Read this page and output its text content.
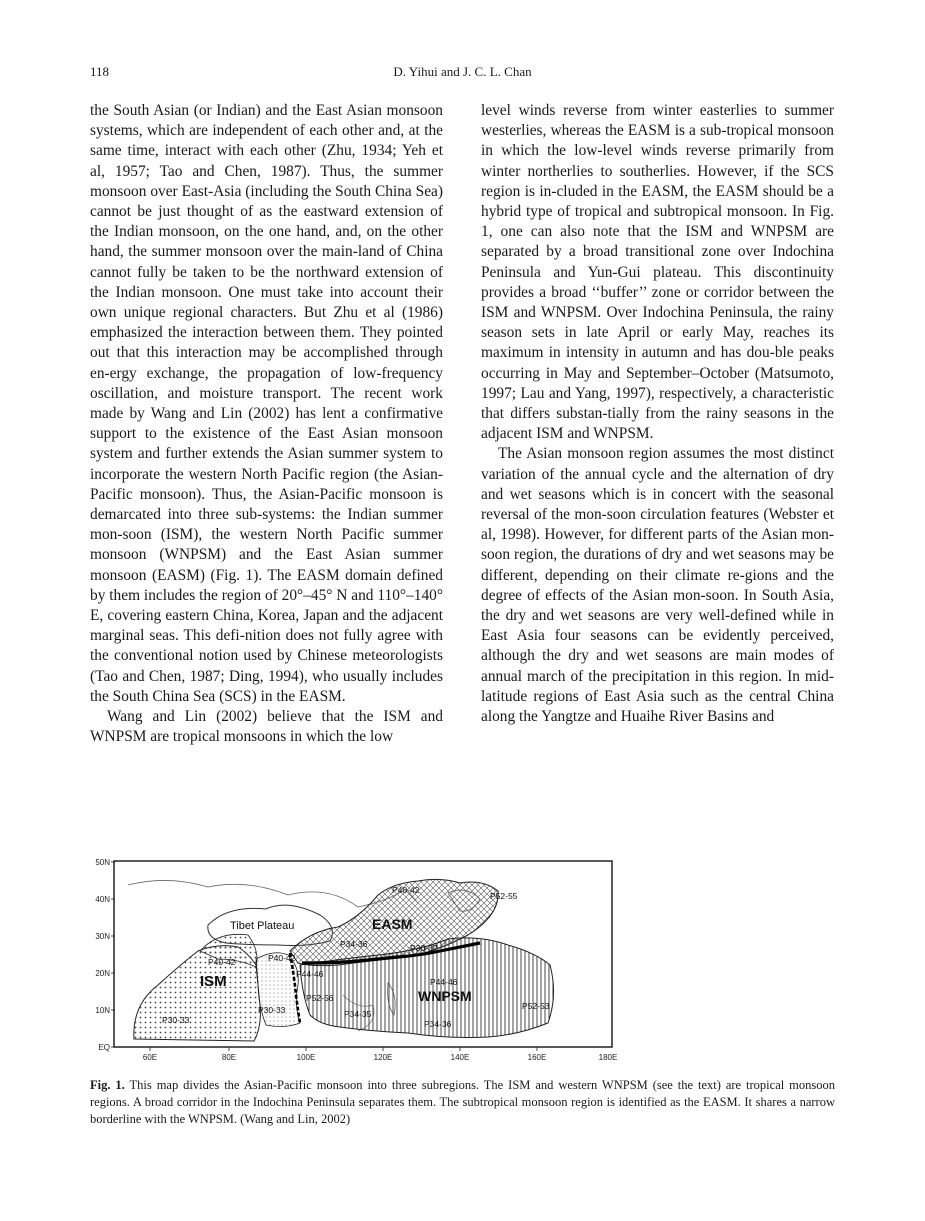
118	D. Yihui and J. C. L. Chan

the South Asian (or Indian) and the East Asian monsoon systems, which are independent of each other and, at the same time, interact with each other (Zhu, 1934; Yeh et al, 1957; Tao and Chen, 1987). Thus, the summer monsoon over East-Asia (including the South China Sea) cannot be just thought of as the eastward extension of the Indian monsoon, on the one hand, and, on the other hand, the summer monsoon over the main-land of China cannot fully be taken to be the northward extension of the Indian monsoon. One must take into account their own unique regional characters. But Zhu et al (1986) emphasized the interaction between them. They pointed out that this interaction may be accomplished through en-ergy exchange, the propagation of low-frequency oscillation, and moisture transport. The recent work made by Wang and Lin (2002) has lent a confirmative support to the existence of the East Asian monsoon system and further extends the Asian summer system to incorporate the western North Pacific region (the Asian-Pacific monsoon). Thus, the Asian-Pacific monsoon is demarcated into three sub-systems: the Indian summer mon-soon (ISM), the western North Pacific summer monsoon (WNPSM) and the East Asian summer monsoon (EASM) (Fig. 1). The EASM domain defined by them includes the region of 20°–45° N and 110°–140° E, covering eastern China, Korea, Japan and the adjacent marginal seas. This defi-nition does not fully agree with the conventional notion used by Chinese meteorologists (Tao and Chen, 1987; Ding, 1994), who usually includes the South China Sea (SCS) in the EASM.

Wang and Lin (2002) believe that the ISM and WNPSM are tropical monsoons in which the low

level winds reverse from winter easterlies to summer westerlies, whereas the EASM is a sub-tropical monsoon in which the low-level winds reverse primarily from winter northerlies to southerlies. However, if the SCS region is in-cluded in the EASM, the EASM should be a hybrid type of tropical and subtropical monsoon. In Fig. 1, one can also note that the ISM and WNPSM are separated by a broad transitional zone over Indochina Peninsula and Yun-Gui plateau. This discontinuity provides a broad ‘‘buffer’’ zone or corridor between the ISM and WNPSM. Over Indochina Peninsula, the rainy season sets in late April or early May, reaches its maximum in intensity in autumn and has dou-ble peaks occurring in May and September–October (Matsumoto, 1997; Lau and Yang, 1997), respectively, a characteristic that differs substan-tially from the rainy seasons in the adjacent ISM and WNPSM.

The Asian monsoon region assumes the most distinct variation of the annual cycle and the alternation of dry and wet seasons which is in concert with the seasonal reversal of the mon-soon circulation features (Webster et al, 1998). However, for different parts of the Asian mon-soon region, the durations of dry and wet seasons may be different, depending on their climate re-gions and the degree of effects of the Asian mon-soon. In South Asia, the dry and wet seasons are very well-defined while in East Asia four seasons can be evidently perceived, although the dry and wet seasons are main modes of annual march of the precipitation in this region. In mid-latitude regions of East Asia such as the central China along the Yangtze and Huaihe River Basins and

50N
40N
30N
20N
10N
EQ
60E	80E	100E	120E	140E	160E	180E
ISM
EASM
WNPSM
Tibet Plateau
P40-42
P30-33
P40-42
P44-46
P52-56
P30-33	P34-35
P34-36	P30-32
P40-42
P52-55
P44-46
P34-36
P52-53
Fig. 1. This map divides the Asian-Pacific monsoon into three subregions. The ISM and western WNPSM (see the text) are tropical monsoon regions. A broad corridor in the Indochina Peninsula separates them. The subtropical monsoon region is identified as the EASM. It shares a narrow borderline with the WNPSM. (Wang and Lin, 2002)
